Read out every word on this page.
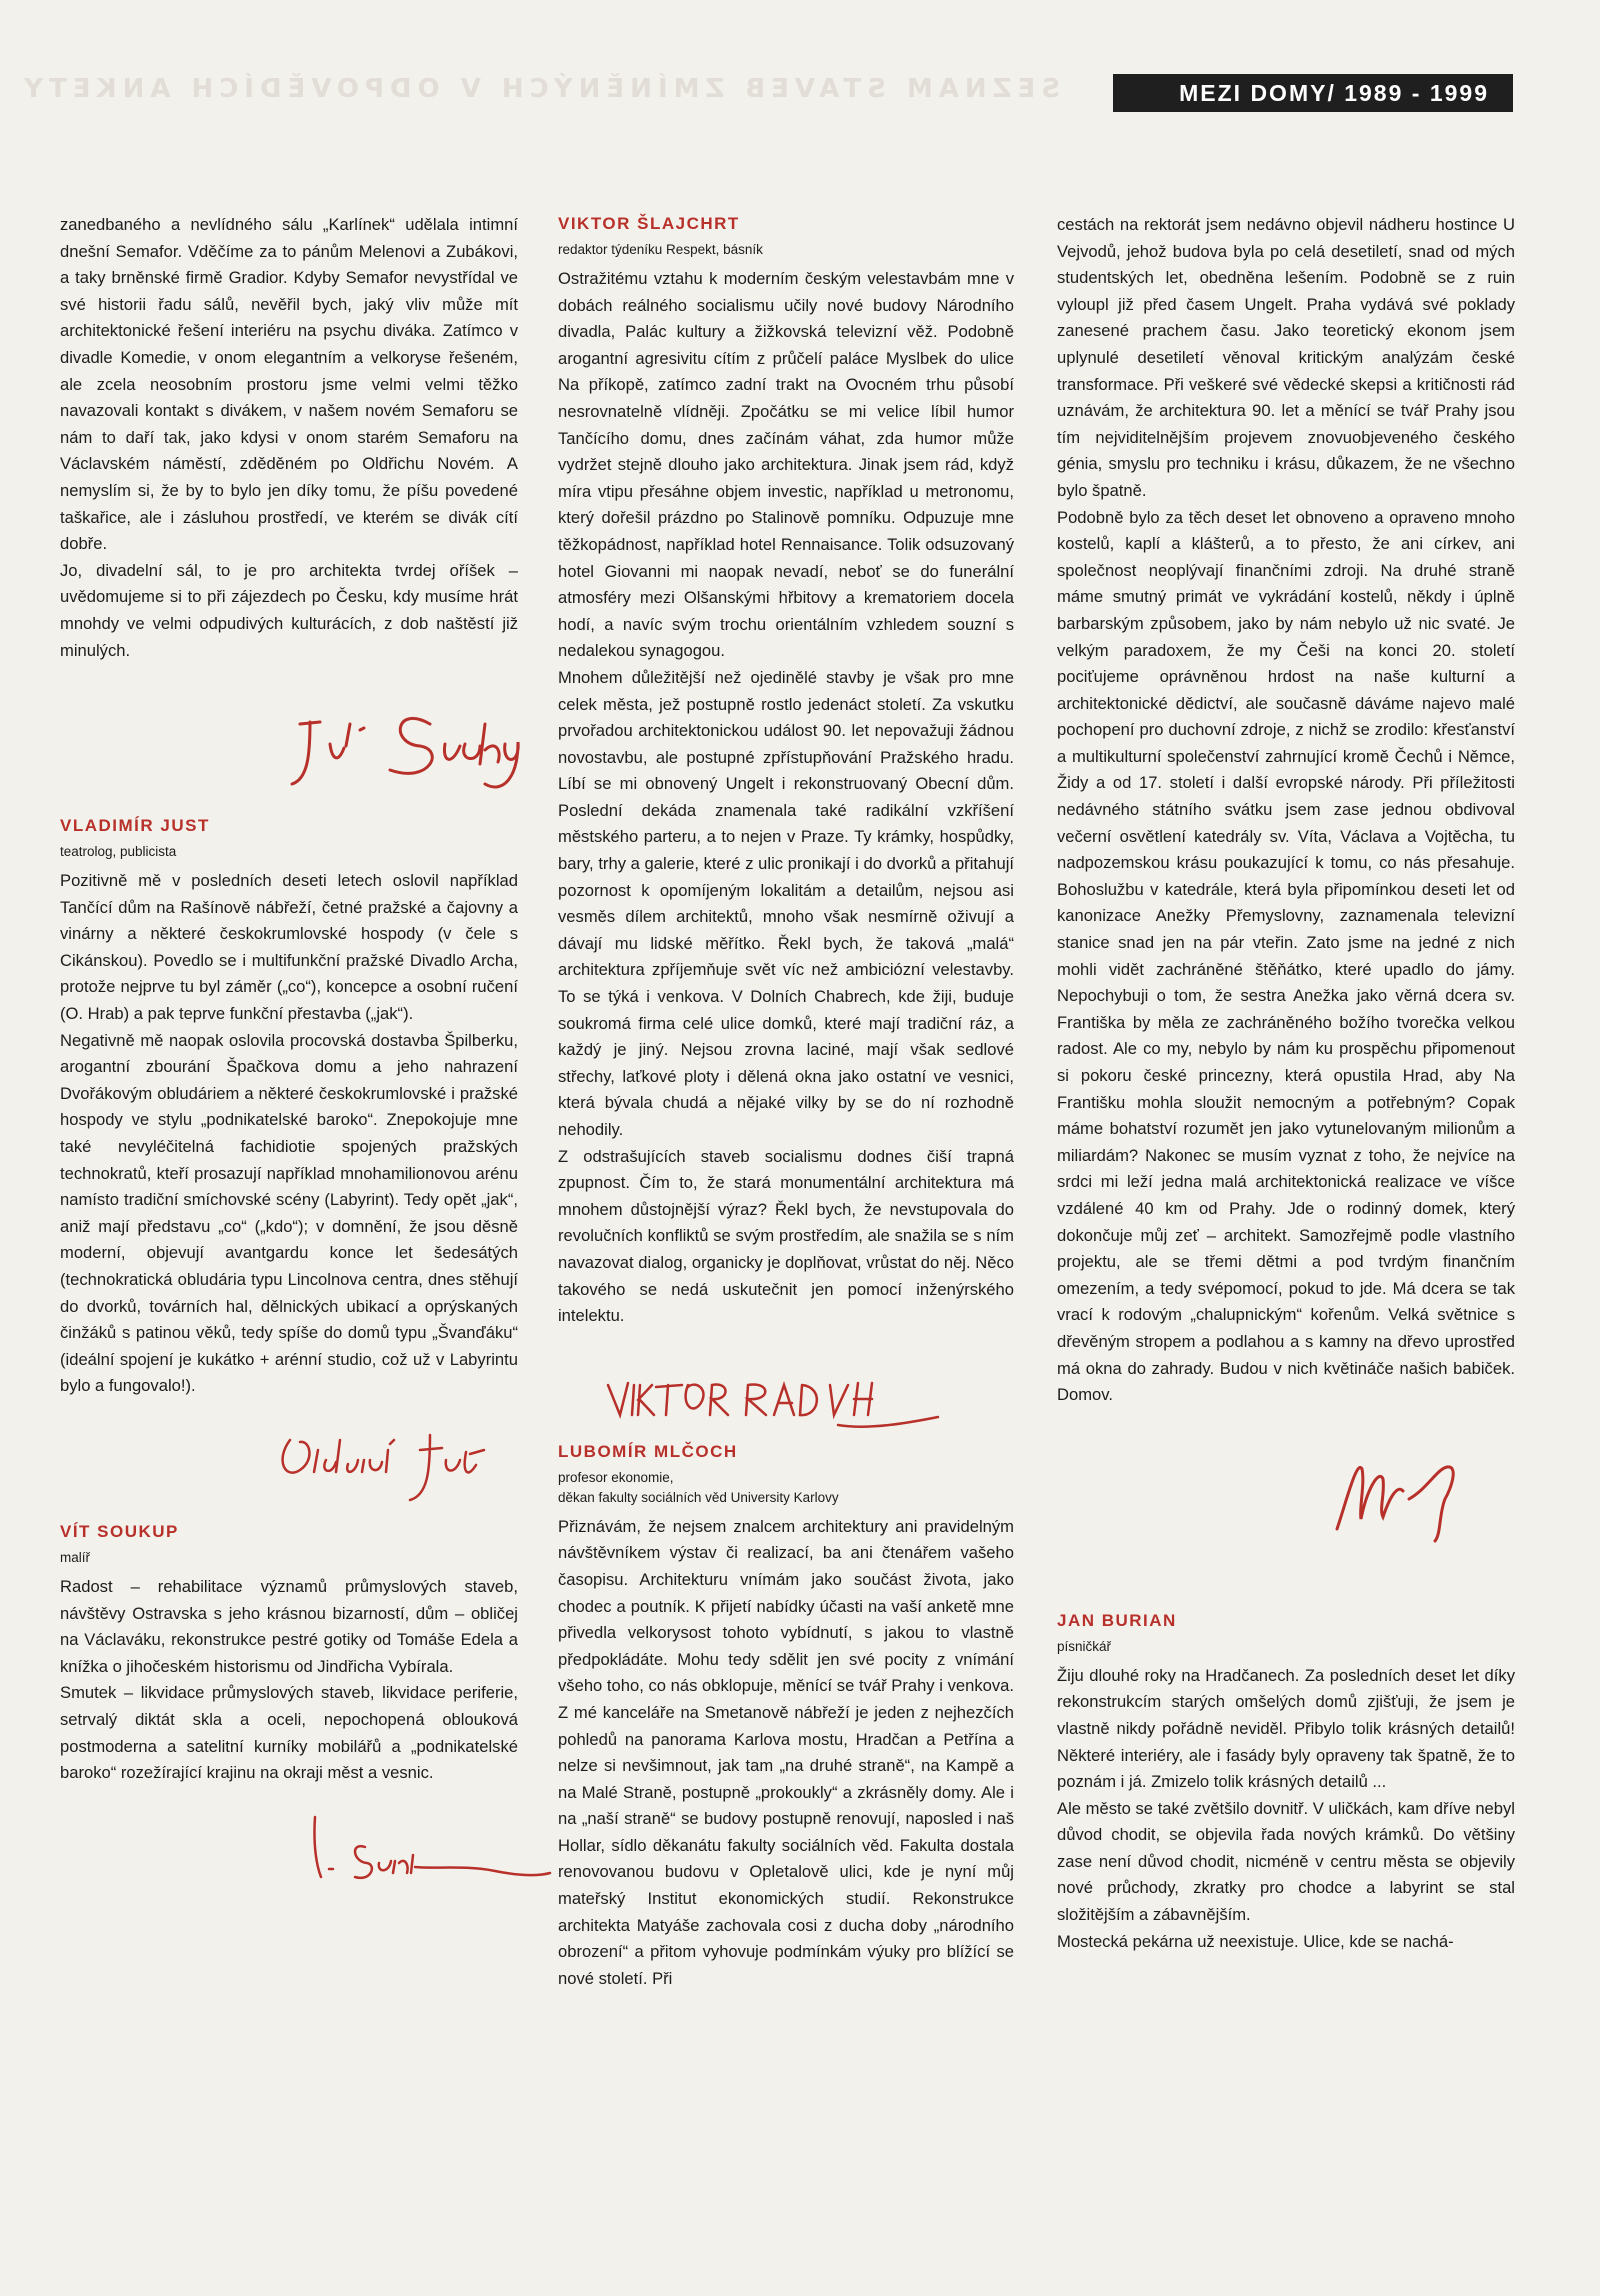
SEZNAM STAVEB ZMÍNĚNÝCH V ODPOVĚDÍCH ANKETY	MEZI DOMY/ 1989 - 1999

zanedbaného a nevlídného sálu „Karlínek“ udělala intimní dnešní Semafor. Vděčíme za to pánům Melenovi a Zubákovi, a taky brněnské firmě Gradior. Kdyby Semafor nevystřídal ve své historii řadu sálů, nevěřil bych, jaký vliv může mít architektonické řešení interiéru na psychu diváka. Zatímco v divadle Komedie, v onom elegantním a velkoryse řešeném, ale zcela neosobním prostoru jsme velmi velmi těžko navazovali kontakt s divákem, v našem novém Semaforu se nám to daří tak, jako kdysi v onom starém Semaforu na Václavském náměstí, zděděném po Oldřichu Novém. A nemyslím si, že by to bylo jen díky tomu, že píšu povedené taškařice, ale i zásluhou prostředí, ve kterém se divák cítí dobře.

Jo, divadelní sál, to je pro architekta tvrdej oříšek – uvědomujeme si to při zájezdech po Česku, kdy musíme hrát mnohdy ve velmi odpudivých kulturácích, z dob naštěstí již minulých.

VLADIMÍR JUST
teatrolog, publicista

Pozitivně mě v posledních deseti letech oslovil například Tančící dům na Rašínově nábřeží, četné pražské a čajovny a vinárny a některé českokrumlovské hospody (v čele s Cikánskou). Povedlo se i multifunkční pražské Divadlo Archa, protože nejprve tu byl záměr („co“), koncepce a osobní ručení (O. Hrab) a pak teprve funkční přestavba („jak“).

Negativně mě naopak oslovila procovská dostavba Špilberku, arogantní zbourání Špačkova domu a jeho nahrazení Dvořákovým obludáriem a některé českokrumlovské i pražské hospody ve stylu „podnikatelské baroko“. Znepokojuje mne také nevyléčitelná fachidiotie spojených pražských technokratů, kteří prosazují například mnohamilionovou arénu namísto tradiční smíchovské scény (Labyrint). Tedy opět „jak“, aniž mají představu „co“ („kdo“); v domnění, že jsou děsně moderní, objevují avantgardu konce let šedesátých (technokratická obludária typu Lincolnova centra, dnes stěhují do dvorků, továrních hal, dělnických ubikací a oprýskaných činžáků s patinou věků, tedy spíše do domů typu „Švanďáku“ (ideální spojení je kukátko + arénní studio, což už v Labyrintu bylo a fungovalo!).

VÍT SOUKUP
malíř

Radost – rehabilitace významů průmyslových staveb, návštěvy Ostravska s jeho krásnou bizarností, dům – obličej na Václaváku, rekonstrukce pestré gotiky od Tomáše Edela a knížka o jihočeském historismu od Jindřicha Vybírala.

Smutek – likvidace průmyslových staveb, likvidace periferie, setrvalý diktát skla a oceli, nepochopená oblouková postmoderna a satelitní kurníky mobilářů a „podnikatelské baroko“ rozežírající krajinu na okraji měst a vesnic.

VIKTOR ŠLAJCHRT
redaktor týdeníku Respekt, básník

Ostražitému vztahu k moderním českým velestavbám mne v dobách reálného socialismu učily nové budovy Národního divadla, Palác kultury a žižkovská televizní věž. Podobně arogantní agresivitu cítím z průčelí paláce Myslbek do ulice Na příkopě, zatímco zadní trakt na Ovocném trhu působí nesrovnatelně vlídněji. Zpočátku se mi velice líbil humor Tančícího domu, dnes začínám váhat, zda humor může vydržet stejně dlouho jako architektura. Jinak jsem rád, když míra vtipu přesáhne objem investic, například u metronomu, který dořešil prázdno po Stalinově pomníku. Odpuzuje mne těžkopádnost, například hotel Rennaisance. Tolik odsuzovaný hotel Giovanni mi naopak nevadí, neboť se do funerální atmosféry mezi Olšanskými hřbitovy a krematoriem docela hodí, a navíc svým trochu orientálním vzhledem souzní s nedalekou synagogou.

Mnohem důležitější než ojedinělé stavby je však pro mne celek města, jež postupně rostlo jedenáct století. Za vskutku prvořadou architektonickou událost 90. let nepovažuji žádnou novostavbu, ale postupné zpřístupňování Pražského hradu. Líbí se mi obnovený Ungelt i rekonstruovaný Obecní dům. Poslední dekáda znamenala také radikální vzkříšení městského parteru, a to nejen v Praze. Ty krámky, hospůdky, bary, trhy a galerie, které z ulic pronikají i do dvorků a přitahují pozornost k opomíjeným lokalitám a detailům, nejsou asi vesměs dílem architektů, mnoho však nesmírně oživují a dávají mu lidské měřítko. Řekl bych, že taková „malá“ architektura zpříjemňuje svět víc než ambiciózní velestavby. To se týká i venkova. V Dolních Chabrech, kde žiji, buduje soukromá firma celé ulice domků, které mají tradiční ráz, a každý je jiný. Nejsou zrovna laciné, mají však sedlové střechy, laťkové ploty i dělená okna jako ostatní ve vesnici, která bývala chudá a nějaké vilky by se do ní rozhodně nehodily.

Z odstrašujících staveb socialismu dodnes čiší trapná zpupnost. Čím to, že stará monumentální architektura má mnohem důstojnější výraz? Řekl bych, že nevstupovala do revolučních konfliktů se svým prostředím, ale snažila se s ním navazovat dialog, organicky je doplňovat, vrůstat do něj. Něco takového se nedá uskutečnit jen pomocí inženýrského intelektu.

LUBOMÍR MLČOCH
profesor ekonomie,
děkan fakulty sociálních věd University Karlovy

Přiznávám, že nejsem znalcem architektury ani pravidelným návštěvníkem výstav či realizací, ba ani čtenářem vašeho časopisu. Architekturu vnímám jako součást života, jako chodec a poutník. K přijetí nabídky účasti na vaší anketě mne přivedla velkorysost tohoto vybídnutí, s jakou to vlastně předpokládáte. Mohu tedy sdělit jen své pocity z vnímání všeho toho, co nás obklopuje, měnící se tvář Prahy i venkova. Z mé kanceláře na Smetanově nábřeží je jeden z nejhezčích pohledů na panorama Karlova mostu, Hradčan a Petřína a nelze si nevšimnout, jak tam „na druhé straně“, na Kampě a na Malé Straně, postupně „prokoukly“ a zkrásněly domy. Ale i na „naší straně“ se budovy postupně renovují, naposled i naš Hollar, sídlo děkanátu fakulty sociálních věd. Fakulta dostala renovovanou budovu v Opletalově ulici, kde je nyní můj mateřský Institut ekonomických studií. Rekonstrukce architekta Matyáše zachovala cosi z ducha doby „národního obrození“ a přitom vyhovuje podmínkám výuky pro blížící se nové století. Při

cestách na rektorát jsem nedávno objevil nádheru hostince U Vejvodů, jehož budova byla po celá desetiletí, snad od mých studentských let, obedněna lešením. Podobně se z ruin vyloupl již před časem Ungelt. Praha vydává své poklady zanesené prachem času. Jako teoretický ekonom jsem uplynulé desetiletí věnoval kritickým analýzám české transformace. Při veškeré své vědecké skepsi a kritičnosti rád uznávám, že architektura 90. let a měnící se tvář Prahy jsou tím nejviditelnějším projevem znovuobjeveného českého génia, smyslu pro techniku i krásu, důkazem, že ne všechno bylo špatně.

Podobně bylo za těch deset let obnoveno a opraveno mnoho kostelů, kaplí a klášterů, a to přesto, že ani církev, ani společnost neoplývají finančními zdroji. Na druhé straně máme smutný primát ve vykrádání kostelů, někdy i úplně barbarským způsobem, jako by nám nebylo už nic svaté. Je velkým paradoxem, že my Češi na konci 20. století pociťujeme oprávněnou hrdost na naše kulturní a architektonické dědictví, ale současně dáváme najevo malé pochopení pro duchovní zdroje, z nichž se zrodilo: křesťanství a multikulturní společenství zahrnující kromě Čechů i Němce, Židy a od 17. století i další evropské národy. Při příležitosti nedávného státního svátku jsem zase jednou obdivoval večerní osvětlení katedrály sv. Víta, Václava a Vojtěcha, tu nadpozemskou krásu poukazující k tomu, co nás přesahuje. Bohoslužbu v katedrále, která byla připomínkou deseti let od kanonizace Anežky Přemyslovny, zaznamenala televizní stanice snad jen na pár vteřin. Zato jsme na jedné z nich mohli vidět zachráněné štěňátko, které upadlo do jámy. Nepochybuji o tom, že sestra Anežka jako věrná dcera sv. Františka by měla ze zachráněného božího tvorečka velkou radost. Ale co my, nebylo by nám ku prospěchu připomenout si pokoru české princezny, která opustila Hrad, aby Na Františku mohla sloužit nemocným a potřebným? Copak máme bohatství rozumět jen jako vytunelovaným milionům a miliardám? Nakonec se musím vyznat z toho, že nejvíce na srdci mi leží jedna malá architektonická realizace ve víšce vzdálené 40 km od Prahy. Jde o rodinný domek, který dokončuje můj zeť – architekt. Samozřejmě podle vlastního projektu, ale se třemi dětmi a pod tvrdým finančním omezením, a tedy svépomocí, pokud to jde. Má dcera se tak vrací k rodovým „chalupnickým“ kořenům. Velká světnice s dřevěným stropem a podlahou a s kamny na dřevo uprostřed má okna do zahrady. Budou v nich květináče našich babiček. Domov.

JAN BURIAN
písničkář

Žiju dlouhé roky na Hradčanech. Za posledních deset let díky rekonstrukcím starých omšelých domů zjišťuji, že jsem je vlastně nikdy pořádně neviděl. Přibylo tolik krásných detailů! Některé interiéry, ale i fasády byly opraveny tak špatně, že to poznám i já. Zmizelo tolik krásných detailů ...

Ale město se také zvětšilo dovnitř. V uličkách, kam dříve nebyl důvod chodit, se objevila řada nových krámků. Do většiny zase není důvod chodit, nicméně v centru města se objevily nové průchody, zkratky pro chodce a labyrint se stal složitějším a zábavnějším.

Mostecká pekárna už neexistuje. Ulice, kde se nachá-
